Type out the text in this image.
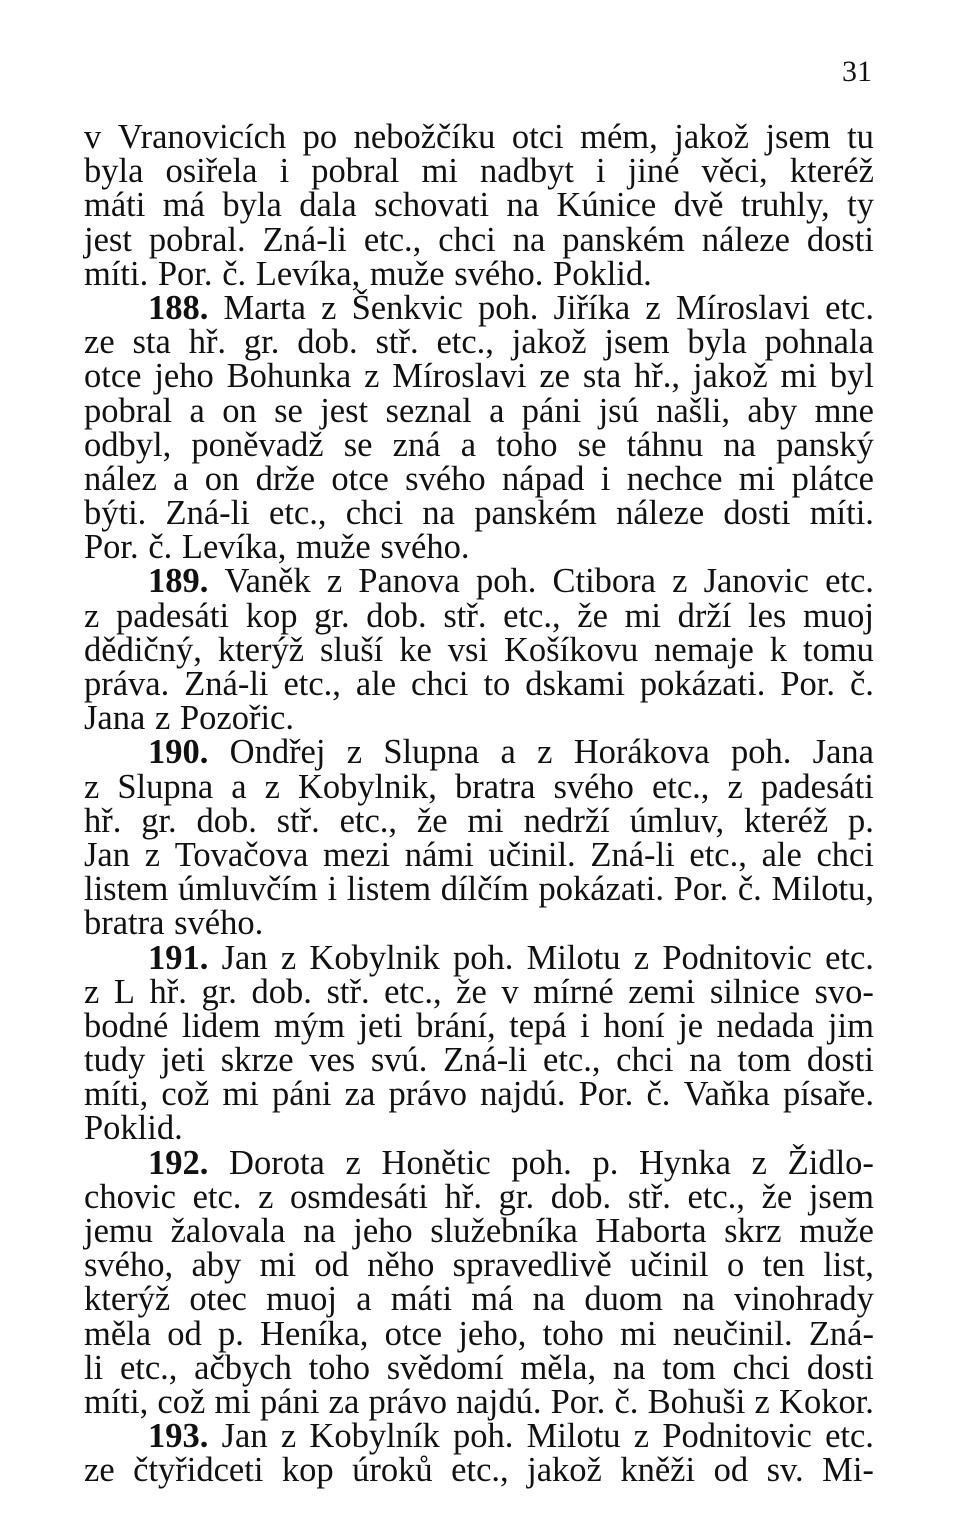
31
v Vranovicích po nebožčíku otci mém, jakož jsem tu
byla osiřela i pobral mi nadbyt i jiné věci, kteréž
máti má byla dala schovati na Kúnice dvě truhly, ty
jest pobral. Zná-li etc., chci na panském náleze dosti
míti. Por. č. Levíka, muže svého. Poklid.
188. Marta z Šenkvic poh. Jiříka z Míroslavi etc.
ze sta hř. gr. dob. stř. etc., jakož jsem byla pohnala
otce jeho Bohunka z Míroslavi ze sta hř., jakož mi byl
pobral a on se jest seznal a páni jsú našli, aby mne
odbyl, poněvadž se zná a toho se táhnu na panský
nález a on drže otce svého nápad i nechce mi plátce
býti. Zná-li etc., chci na panském náleze dosti míti.
Por. č. Levíka, muže svého.
189. Vaněk z Panova poh. Ctibora z Janovic etc.
z padesáti kop gr. dob. stř. etc., že mi drží les muoj
dědičný, kterýž sluší ke vsi Košíkovu nemaje k tomu
práva. Zná-li etc., ale chci to dskami pokázati. Por. č.
Jana z Pozořic.
190. Ondřej z Slupna a z Horákova poh. Jana
z Slupna a z Kobylnik, bratra svého etc., z padesáti
hř. gr. dob. stř. etc., že mi nedrží úmluv, kteréž p.
Jan z Tovačova mezi námi učinil. Zná-li etc., ale chci
listem úmluvčím i listem dílčím pokázati. Por. č. Milotu,
bratra svého.
191. Jan z Kobylnik poh. Milotu z Podnitovic etc.
z L hř. gr. dob. stř. etc., že v mírné zemi silnice svo-
bodné lidem mým jeti brání, tepá i honí je nedada jim
tudy jeti skrze ves svú. Zná-li etc., chci na tom dosti
míti, což mi páni za právo najdú. Por. č. Vaňka písaře.
Poklid.
192. Dorota z Honětic poh. p. Hynka z Židlo-
chovic etc. z osmdesáti hř. gr. dob. stř. etc., že jsem
jemu žalovala na jeho služebníka Haborta skrz muže
svého, aby mi od něho spravedlivě učinil o ten list,
kterýž otec muoj a máti má na duom na vinohrady
měla od p. Heníka, otce jeho, toho mi neučinil. Zná-
li etc., ačbych toho svědomí měla, na tom chci dosti
míti, což mi páni za právo najdú. Por. č. Bohuši z Kokor.
193. Jan z Kobylník poh. Milotu z Podnitovic etc.
ze čtyřidceti kop úroků etc., jakož kněži od sv. Mi-
